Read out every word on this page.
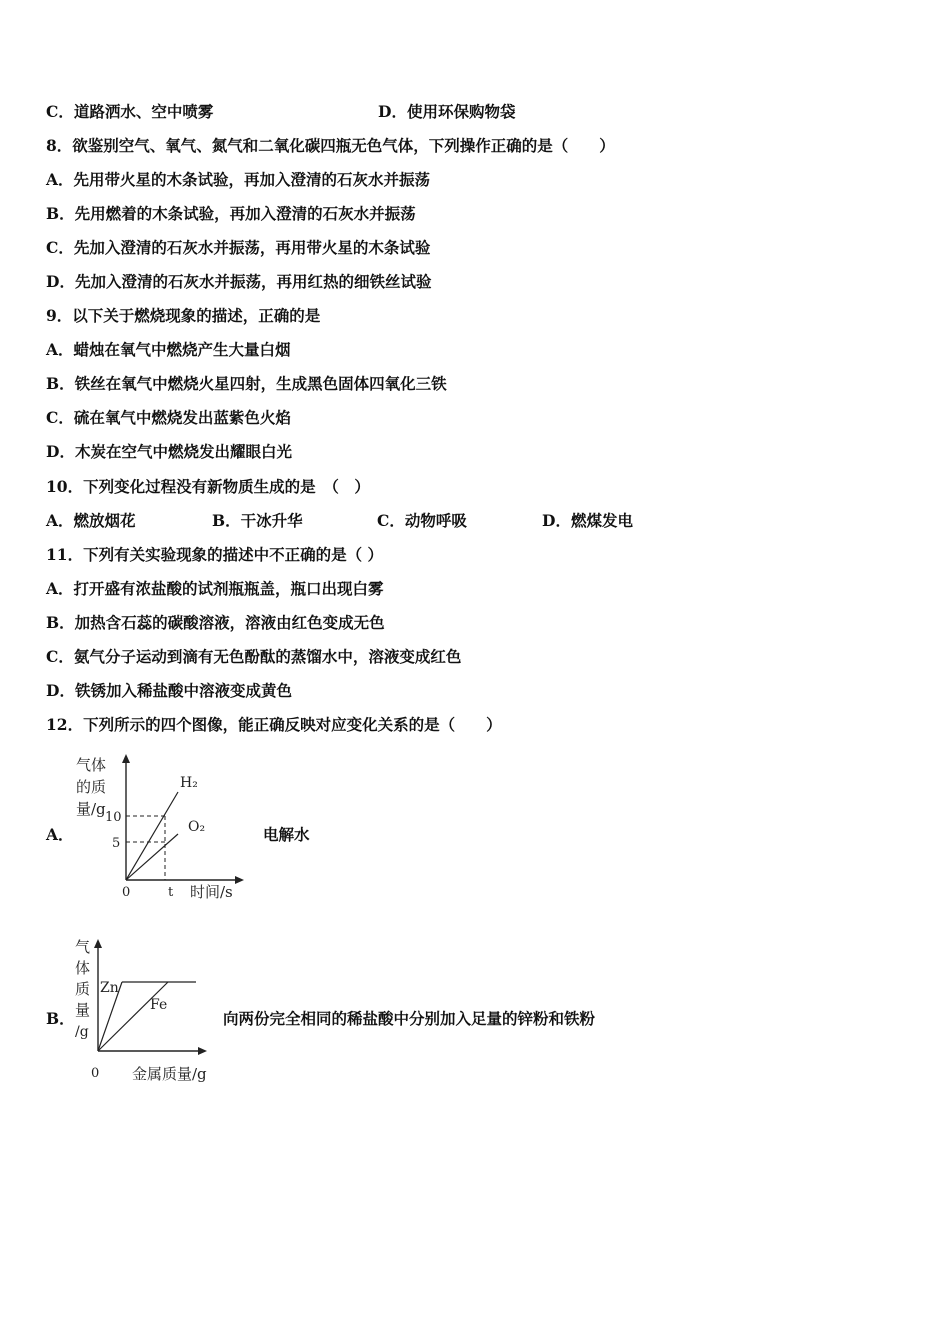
C．道路洒水、空中喷雾	D．使用环保购物袋
8．欲鉴别空气、氧气、氮气和二氧化碳四瓶无色气体，下列操作正确的是（　　）
A．先用带火星的木条试验，再加入澄清的石灰水并振荡
B．先用燃着的木条试验，再加入澄清的石灰水并振荡
C．先加入澄清的石灰水并振荡，再用带火星的木条试验
D．先加入澄清的石灰水并振荡，再用红热的细铁丝试验
9．以下关于燃烧现象的描述，正确的是
A．蜡烛在氧气中燃烧产生大量白烟
B．铁丝在氧气中燃烧火星四射，生成黑色固体四氧化三铁
C．硫在氧气中燃烧发出蓝紫色火焰
D．木炭在空气中燃烧发出耀眼白光
10．下列变化过程没有新物质生成的是　（　）
A．燃放烟花	B．干冰升华	C．动物呼吸	D．燃煤发电
11．下列有关实验现象的描述中不正确的是（ ）
A．打开盛有浓盐酸的试剂瓶瓶盖，瓶口出现白雾
B．加热含石蕊的碳酸溶液，溶液由红色变成无色
C．氨气分子运动到滴有无色酚酞的蒸馏水中，溶液变成红色
D．铁锈加入稀盐酸中溶液变成黄色
12．下列所示的四个图像，能正确反映对应变化关系的是（　　）
A．
气体
的质
量/g 10
5
0	t 时间/s
H₂
O₂	电解水
B．
气
体
质
量
/g
0 金属质量/g
Zn
Fe
向两份完全相同的稀盐酸中分别加入足量的锌粉和铁粉
